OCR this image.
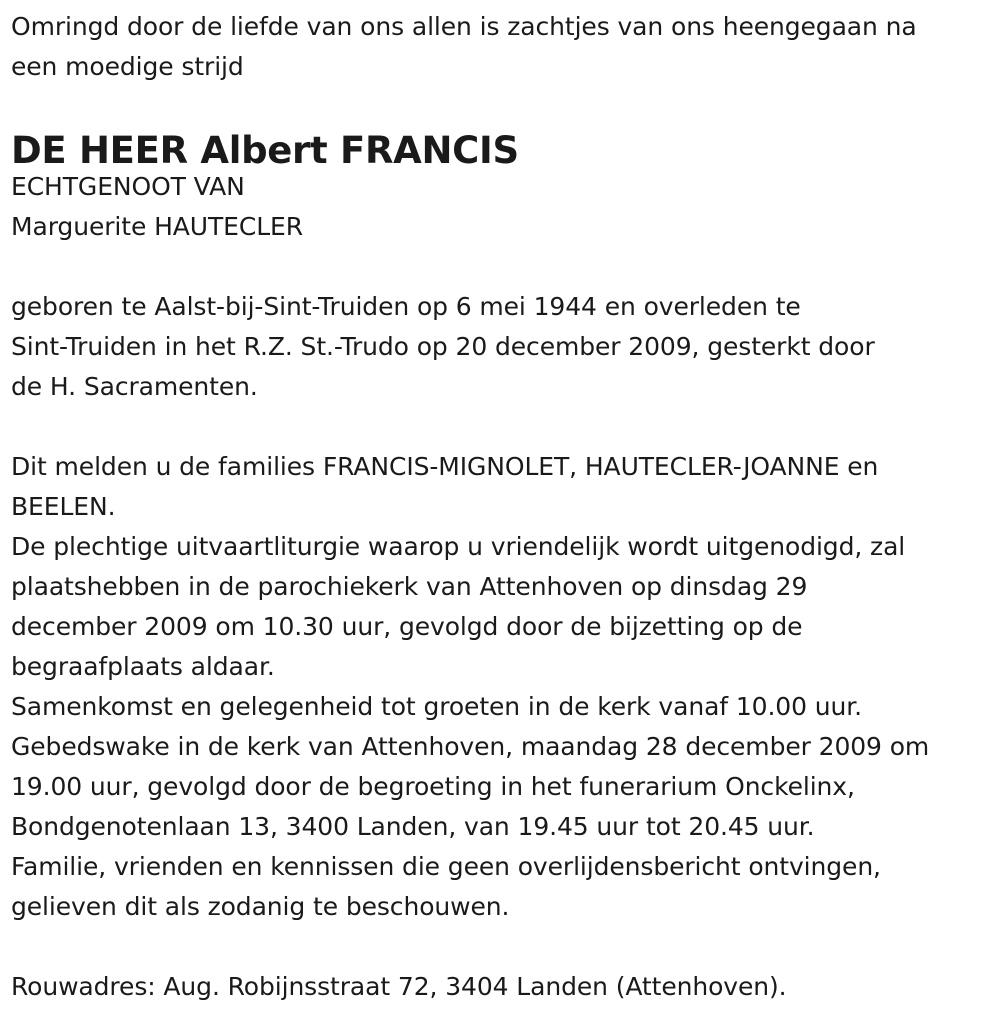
Omringd door de liefde van ons allen is zachtjes van ons heengegaan na
een moedige strijd
DE HEER Albert FRANCIS
ECHTGENOOT VAN
Marguerite HAUTECLER
geboren te Aalst-bij-Sint-Truiden op 6 mei 1944 en overleden te
Sint-Truiden in het R.Z. St.-Trudo op 20 december 2009, gesterkt door
de H. Sacramenten.
Dit melden u de families FRANCIS-MIGNOLET, HAUTECLER-JOANNE en
BEELEN.
De plechtige uitvaartliturgie waarop u vriendelijk wordt uitgenodigd, zal
plaatshebben in de parochiekerk van Attenhoven op dinsdag 29
december 2009 om 10.30 uur, gevolgd door de bijzetting op de
begraafplaats aldaar.
Samenkomst en gelegenheid tot groeten in de kerk vanaf 10.00 uur.
Gebedswake in de kerk van Attenhoven, maandag 28 december 2009 om
19.00 uur, gevolgd door de begroeting in het funerarium Onckelinx,
Bondgenotenlaan 13, 3400 Landen, van 19.45 uur tot 20.45 uur.
Familie, vrienden en kennissen die geen overlijdensbericht ontvingen,
gelieven dit als zodanig te beschouwen.
Rouwadres: Aug. Robijnsstraat 72, 3404 Landen (Attenhoven).
